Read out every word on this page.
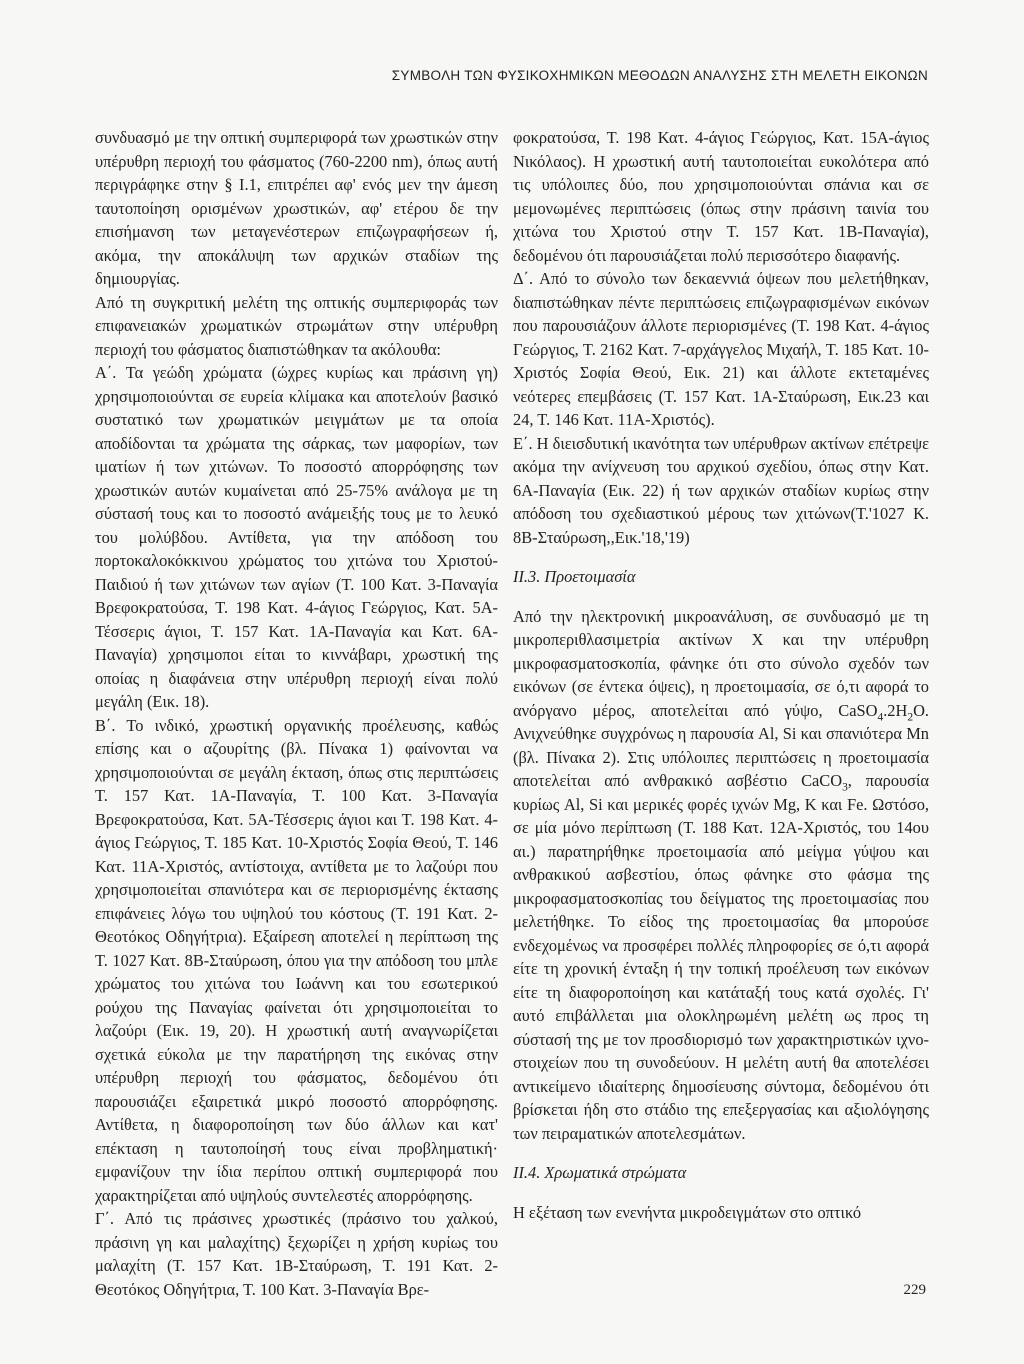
ΣΥΜΒΟΛΗ ΤΩΝ ΦΥΣΙΚΟΧΗΜΙΚΩΝ ΜΕΘΟΔΩΝ ΑΝΑΛΥΣΗΣ ΣΤΗ ΜΕΛΕΤΗ ΕΙΚΟΝΩΝ

συνδυασμό με την οπτική συμπεριφορά των χρωστικών στην υπέρυθρη περιοχή του φάσματος (760-2200 nm), όπως αυτή περιγράφηκε στην § I.1, επιτρέπει αφ' ενός μεν την άμεση ταυτοποίηση ορισμένων χρωστικών, αφ' ετέρου δε την επισήμανση των μεταγενέστερων επιζωγραφήσεων ή, ακόμα, την αποκάλυψη των αρχικών σταδίων της δημιουργίας.

Από τη συγκριτική μελέτη της οπτικής συμπεριφοράς των επιφανειακών χρωματικών στρωμάτων στην υπέρυθρη περιοχή του φάσματος διαπιστώθηκαν τα ακόλουθα:

Α΄. Τα γεώδη χρώματα (ώχρες κυρίως και πράσινη γη) χρησιμοποιούνται σε ευρεία κλίμακα και αποτελούν βασικό συστατικό των χρωματικών μειγμάτων με τα οποία αποδίδονται τα χρώματα της σάρκας, των μαφορίων, των ιματίων ή των χιτώνων. Το ποσοστό απορρόφησης των χρωστικών αυτών κυμαίνεται από 25-75% ανάλογα με τη σύστασή τους και το ποσοστό ανάμειξής τους με το λευκό του μολύβδου. Αντίθετα, για την απόδοση του πορτοκαλοκόκκινου χρώματος του χιτώνα του Χριστού-Παιδιού ή των χιτώνων των αγίων (Τ. 100 Κατ. 3-Παναγία Βρεφοκρατούσα, Τ. 198 Κατ. 4-άγιος Γεώργιος, Κατ. 5Α-Τέσσερις άγιοι, Τ. 157 Κατ. 1Α-Παναγία και Κατ. 6Α-Παναγία) χρησιμοποι είται το κιννάβαρι, χρωστική της οποίας η διαφάνεια στην υπέρυθρη περιοχή είναι πολύ μεγάλη (Εικ. 18).

Β΄. Το ινδικό, χρωστική οργανικής προέλευσης, καθώς επίσης και ο αζουρίτης (βλ. Πίνακα 1) φαίνονται να χρησιμοποιούνται σε μεγάλη έκταση, όπως στις περιπτώσεις Τ. 157 Κατ. 1Α-Παναγία, Τ. 100 Κατ. 3-Παναγία Βρεφοκρατούσα, Κατ. 5Α-Τέσσερις άγιοι και Τ. 198 Κατ. 4-άγιος Γεώργιος, Τ. 185 Κατ. 10-Χριστός Σοφία Θεού, Τ. 146 Κατ. 11Α-Χριστός, αντίστοιχα, αντίθετα με το λαζούρι που χρησιμοποιείται σπανιότερα και σε περιορισμένης έκτασης επιφάνειες λόγω του υψηλού του κόστους (Τ. 191 Κατ. 2-Θεοτόκος Οδηγήτρια). Εξαίρεση αποτελεί η περίπτωση της Τ. 1027 Κατ. 8Β-Σταύρωση, όπου για την απόδοση του μπλε χρώματος του χιτώνα του Ιωάννη και του εσωτερικού ρούχου της Παναγίας φαίνεται ότι χρησιμοποιείται το λαζούρι (Εικ. 19, 20). Η χρωστική αυτή αναγνωρίζεται σχετικά εύκολα με την παρατήρηση της εικόνας στην υπέρυθρη περιοχή του φάσματος, δεδομένου ότι παρουσιάζει εξαιρετικά μικρό ποσοστό απορρόφησης. Αντίθετα, η διαφοροποίηση των δύο άλλων και κατ' επέκταση η ταυτοποίησή τους είναι προβληματική· εμφανίζουν την ίδια περίπου οπτική συμπεριφορά που χαρακτηρίζεται από υψηλούς συντελεστές απορρόφησης.

Γ΄. Από τις πράσινες χρωστικές (πράσινο του χαλκού, πράσινη γη και μαλαχίτης) ξεχωρίζει η χρήση κυρίως του μαλαχίτη (Τ. 157 Κατ. 1Β-Σταύρωση, Τ. 191 Κατ. 2-Θεοτόκος Οδηγήτρια, Τ. 100 Κατ. 3-Παναγία Βρε-

φοκρατούσα, Τ. 198 Κατ. 4-άγιος Γεώργιος, Κατ. 15Α-άγιος Νικόλαος). Η χρωστική αυτή ταυτοποιείται ευκολότερα από τις υπόλοιπες δύο, που χρησιμοποιούνται σπάνια και σε μεμονωμένες περιπτώσεις (όπως στην πράσινη ταινία του χιτώνα του Χριστού στην Τ. 157 Κατ. 1Β-Παναγία), δεδομένου ότι παρουσιάζεται πολύ περισσότερο διαφανής.

Δ΄. Από το σύνολο των δεκαεννιά όψεων που μελετήθηκαν, διαπιστώθηκαν πέντε περιπτώσεις επιζωγραφισμένων εικόνων που παρουσιάζουν άλλοτε περιορισμένες (Τ. 198 Κατ. 4-άγιος Γεώργιος, Τ. 2162 Κατ. 7-αρχάγγελος Μιχαήλ, Τ. 185 Κατ. 10-Χριστός Σοφία Θεού, Εικ. 21) και άλλοτε εκτεταμένες νεότερες επεμβάσεις (Τ. 157 Κατ. 1Α-Σταύρωση, Εικ.23 και 24, Τ. 146 Κατ. 11Α-Χριστός).

Ε΄. Η διεισδυτική ικανότητα των υπέρυθρων ακτίνων επέτρεψε ακόμα την ανίχνευση του αρχικού σχεδίου, όπως στην Κατ. 6Α-Παναγία (Εικ. 22) ή των αρχικών σταδίων κυρίως στην απόδοση του σχεδιαστικού μέρους των χιτώνων(Τ.'1027 Κ. 8Β-Σταύρωση,,Εικ.'18,'19)

ΙΙ.3. Προετοιμασία

Από την ηλεκτρονική μικροανάλυση, σε συνδυασμό με τη μικροπεριθλασιμετρία ακτίνων Χ και την υπέρυθρη μικροφασματοσκοπία, φάνηκε ότι στο σύνολο σχεδόν των εικόνων (σε έντεκα όψεις), η προετοιμασία, σε ό,τι αφορά το ανόργανο μέρος, αποτελείται από γύψο, $CaSO_4.2H_2O$. Ανιχνεύθηκε συγχρόνως η παρουσία Al, Si και σπανιότερα Mn (βλ. Πίνακα 2). Στις υπόλοιπες περιπτώσεις η προετοιμασία αποτελείται από ανθρακικό ασβέστιο CaCO$_3$, παρουσία κυρίως Al, Si και μερικές φορές ιχνών Mg, K και Fe. Ωστόσο, σε μία μόνο περίπτωση (Τ. 188 Κατ. 12Α-Χριστός, του 14ου αι.) παρατηρήθηκε προετοιμασία από μείγμα γύψου και ανθρακικού ασβεστίου, όπως φάνηκε στο φάσμα της μικροφασματοσκοπίας του δείγματος της προετοιμασίας που μελετήθηκε. Το είδος της προετοιμασίας θα μπορούσε ενδεχομένως να προσφέρει πολλές πληροφορίες σε ό,τι αφορά είτε τη χρονική ένταξη ή την τοπική προέλευση των εικόνων είτε τη διαφοροποίηση και κατάταξή τους κατά σχολές. Γι' αυτό επιβάλλεται μια ολοκληρωμένη μελέτη ως προς τη σύστασή της με τον προσδιορισμό των χαρακτηριστικών ιχνοστοιχείων που τη συνοδεύουν. Η μελέτη αυτή θα αποτελέσει αντικείμενο ιδιαίτερης δημοσίευσης σύντομα, δεδομένου ότι βρίσκεται ήδη στο στάδιο της επεξεργασίας και αξιολόγησης των πειραματικών αποτελεσμάτων.

ΙΙ.4. Χρωματικά στρώματα

Η εξέταση των ενενήντα μικροδειγμάτων στο οπτικό

229
